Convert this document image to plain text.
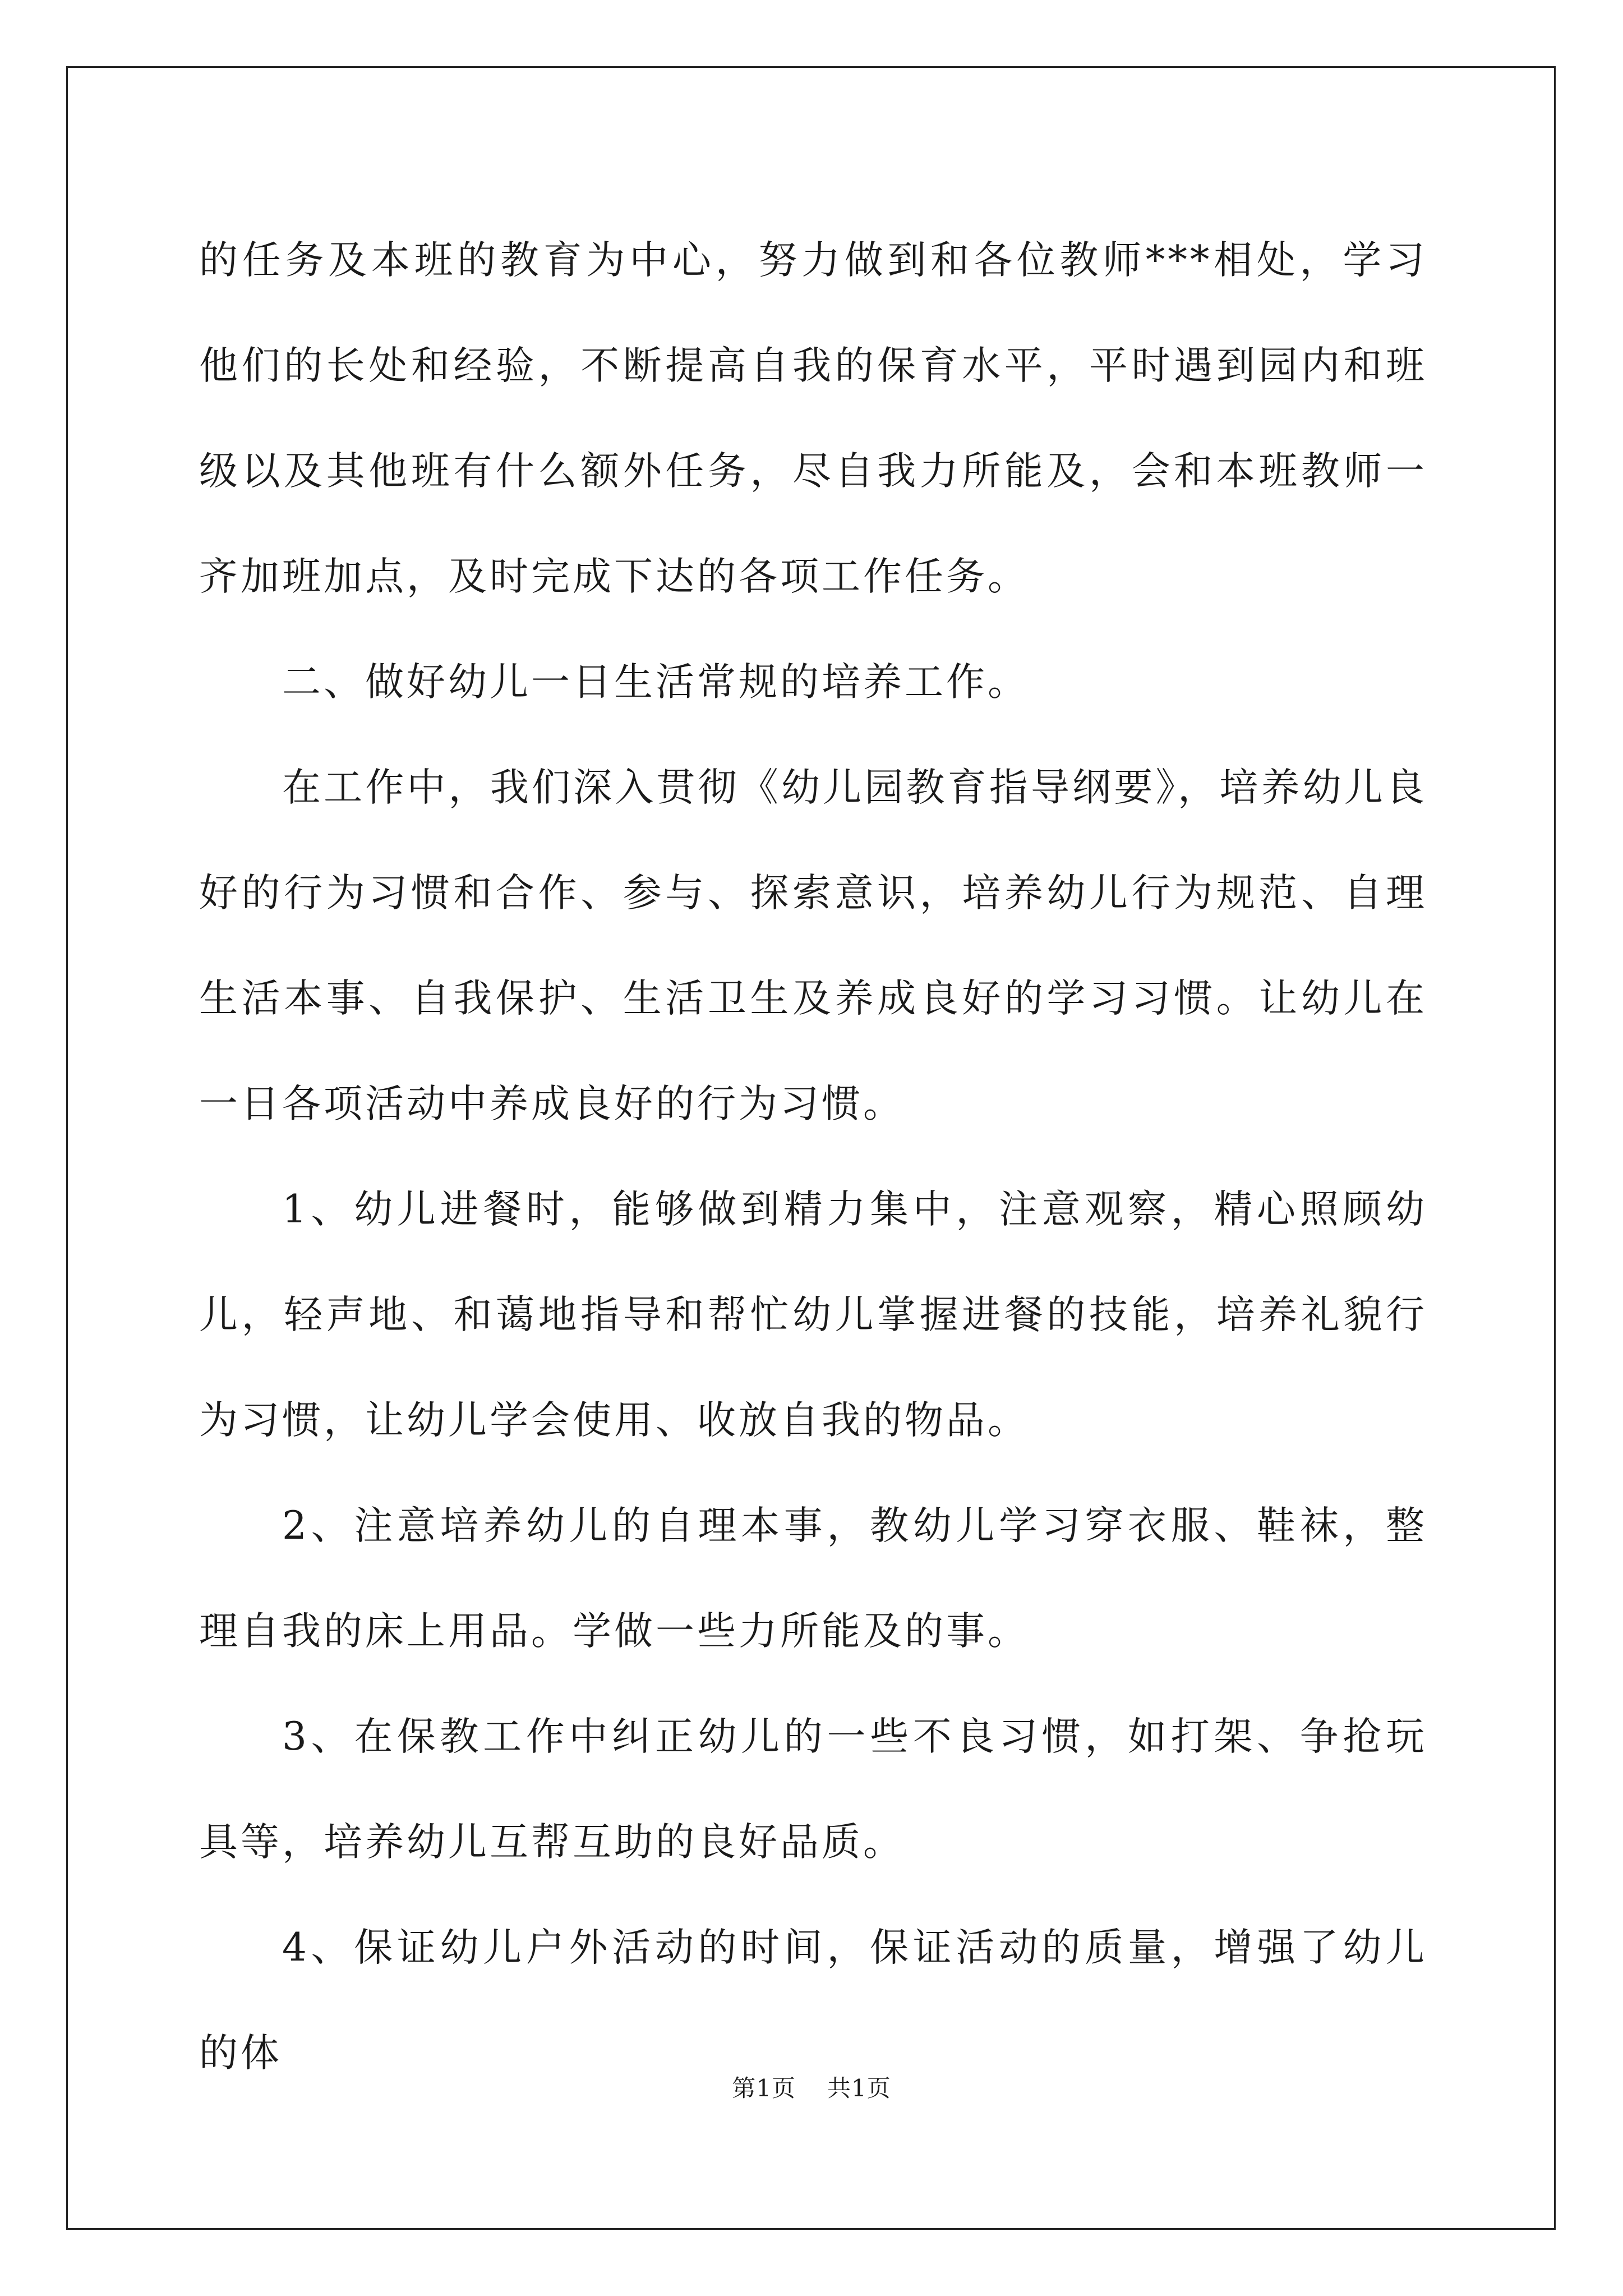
的任务及本班的教育为中心，努力做到和各位教师***相处，学习他们的长处和经验，不断提高自我的保育水平，平时遇到园内和班级以及其他班有什么额外任务，尽自我力所能及，会和本班教师一齐加班加点，及时完成下达的各项工作任务。

二、做好幼儿一日生活常规的培养工作。

在工作中，我们深入贯彻《幼儿园教育指导纲要》，培养幼儿良好的行为习惯和合作、参与、探索意识，培养幼儿行为规范、自理生活本事、自我保护、生活卫生及养成良好的学习习惯。让幼儿在一日各项活动中养成良好的行为习惯。

1、幼儿进餐时，能够做到精力集中，注意观察，精心照顾幼儿，轻声地、和蔼地指导和帮忙幼儿掌握进餐的技能，培养礼貌行为习惯，让幼儿学会使用、收放自我的物品。

2、注意培养幼儿的自理本事，教幼儿学习穿衣服、鞋袜，整理自我的床上用品。学做一些力所能及的事。

3、在保教工作中纠正幼儿的一些不良习惯，如打架、争抢玩具等，培养幼儿互帮互助的良好品质。

4、保证幼儿户外活动的时间，保证活动的质量，增强了幼儿的体

第1页 共1页
